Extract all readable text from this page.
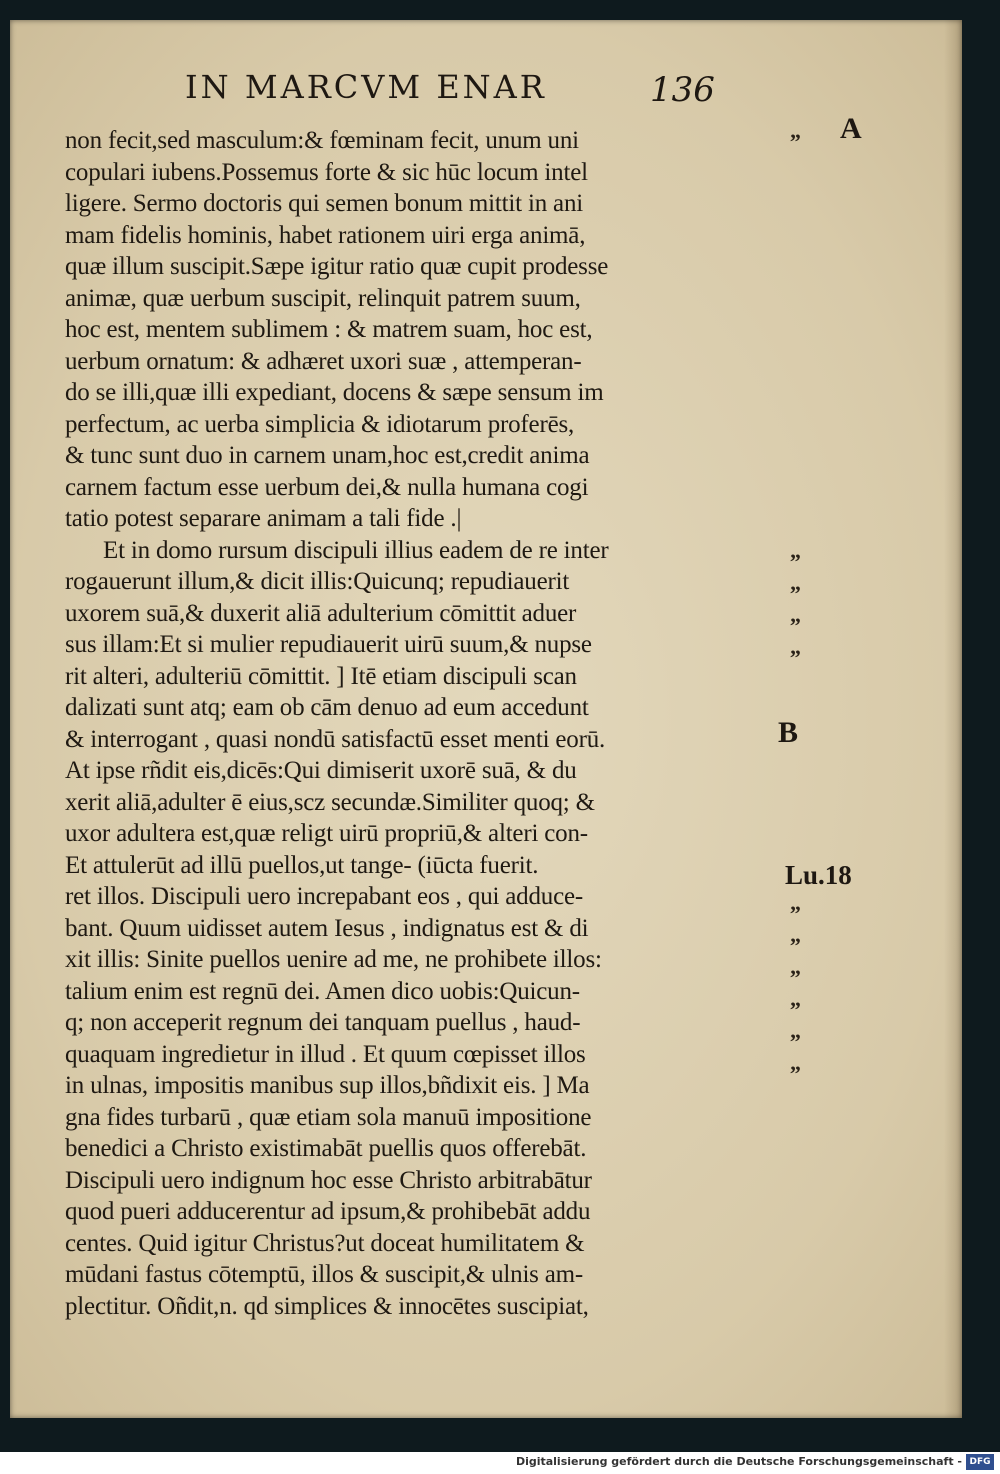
IN MARCVM ENAR	136
non fecit,sed masculum:& fœminam fecit, unum uni
copulari iubens.Possemus forte & sic hūc locum intel
ligere. Sermo doctoris qui semen bonum mittit in ani
mam fidelis hominis, habet rationem uiri erga animā,
quæ illum suscipit.Sæpe igitur ratio quæ cupit prodesse
animæ, quæ uerbum suscipit, relinquit patrem suum,
hoc est, mentem sublimem : & matrem suam, hoc est,
uerbum ornatum: & adhæret uxori suæ , attemperan-
do se illi,quæ illi expediant, docens & sæpe sensum im
perfectum, ac uerba simplicia & idiotarum proferēs,
& tunc sunt duo in carnem unam,hoc est,credit anima
carnem factum esse uerbum dei,& nulla humana cogi
tatio potest separare animam a tali fide .|
Et in domo rursum discipuli illius eadem de re inter
rogauerunt illum,& dicit illis:Quicunq; repudiauerit
uxorem suā,& duxerit aliā adulterium cōmittit aduer
sus illam:Et si mulier repudiauerit uirū suum,& nupse
rit alteri, adulteriū cōmittit. ] Itē etiam discipuli scan
dalizati sunt atq; eam ob cām denuo ad eum accedunt
& interrogant , quasi nondū satisfactū esset menti eorū.
At ipse rñdit eis,dicēs:Qui dimiserit uxorē suā, & du
xerit aliā,adulter ē eius,scz secundæ.Similiter quoq; &
uxor adultera est,quæ religt uirū propriū,& alteri con-
Et attulerūt ad illū puellos,ut tange- (iūcta fuerit.
ret illos. Discipuli uero increpabant eos , qui adduce-
bant. Quum uidisset autem Iesus , indignatus est & di
xit illis: Sinite puellos uenire ad me, ne prohibete illos:
talium enim est regnū dei. Amen dico uobis:Quicun-
q; non acceperit regnum dei tanquam puellus , haud-
quaquam ingredietur in illud . Et quum cœpisset illos
in ulnas, impositis manibus sup illos,bñdixit eis. ] Ma
gna fides turbarū , quæ etiam sola manuū impositione
benedici a Christo existimabāt puellis quos offerebāt.
Discipuli uero indignum hoc esse Christo arbitrabātur
quod pueri adducerentur ad ipsum,& prohibebāt addu
centes. Quid igitur Christus?ut doceat humilitatem &
mūdani fastus cōtemptū, illos & suscipit,& ulnis am-
plectitur. Oñdit,n. qd simplices & innocētes suscipiat,
„
„
„
„
„
„
„
„
„
„
„
A
B
Lu.18
Digitalisierung gefördert durch die Deutsche Forschungsgemeinschaft - DFG
